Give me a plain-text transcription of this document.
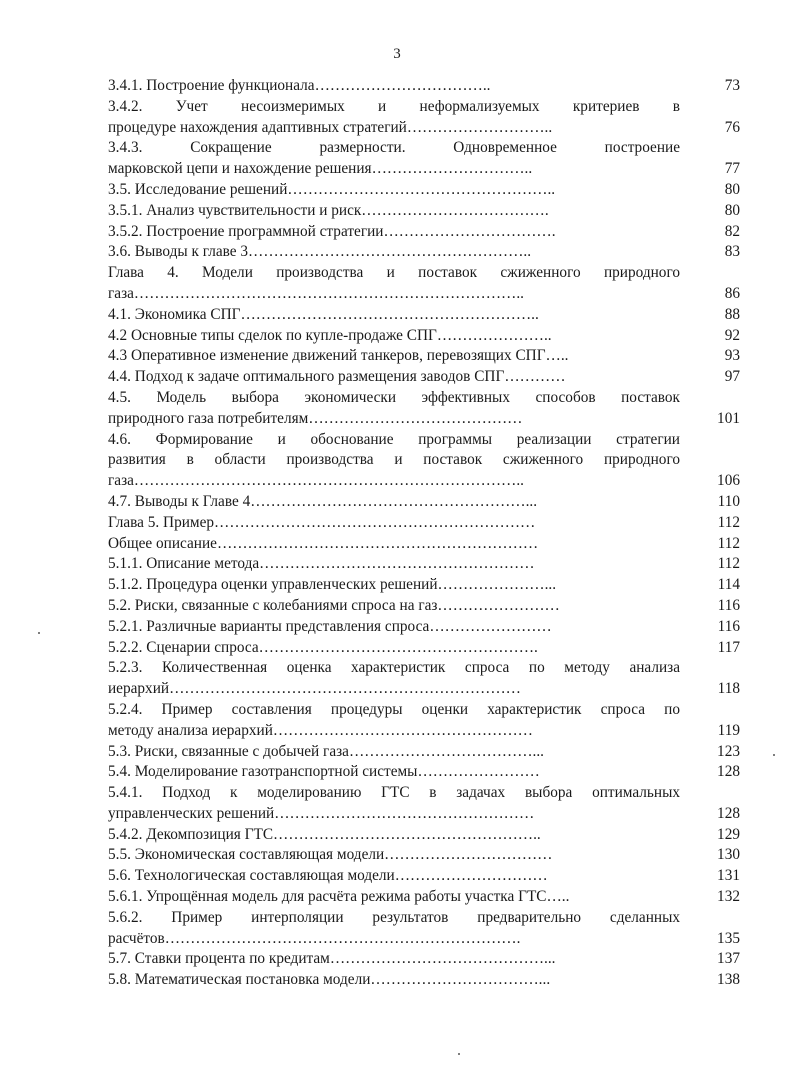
3
3.4.1. Построение функционала……………………………..	73
3.4.2. Учет несоизмеримых и неформализуемых критериев в
процедуре нахождения адаптивных стратегий………………………..	76
3.4.3. Сокращение размерности. Одновременное построение
марковской цепи и нахождение решения…………………………..	77
3.5. Исследование решений……………………………………………..	80
3.5.1. Анализ чувствительности и риск……………………………….	80
3.5.2. Построение программной стратегии…………………………….	82
3.6. Выводы к главе 3………………………………………………..	83
Глава 4. Модели производства и поставок сжиженного природного
газа…………………………………………………………………..	86
4.1. Экономика СПГ…………………………………………………..	88
4.2 Основные типы сделок по купле-продаже СПГ…………………..	92
4.3 Оперативное изменение движений танкеров, перевозящих СПГ…..	93
4.4. Подход к задаче оптимального размещения заводов СПГ…………	97
4.5. Модель выбора экономически эффективных способов поставок
природного газа потребителям……………………………………	101
4.6. Формирование и обоснование программы реализации стратегии
развития в области производства и поставок сжиженного природного
газа…………………………………………………………………..	106
4.7. Выводы к Главе 4………………………………………………...	110
Глава 5. Пример………………………………………………………	112
Общее описание………………………………………………………	112
5.1.1. Описание метода………………………………………………	112
5.1.2. Процедура оценки управленческих решений…………………...	114
5.2. Риски, связанные с колебаниями спроса на газ……………………	116
5.2.1. Различные варианты представления спроса……………………	116
5.2.2. Сценарии спроса……………………………………………….	117
5.2.3. Количественная оценка характеристик спроса по методу анализа
иерархий……………………………………………………………	118
5.2.4. Пример составления процедуры оценки характеристик спроса по
методу анализа иерархий……………………………………………	119
5.3. Риски, связанные с добычей газа………………………………...	123
5.4. Моделирование газотранспортной системы……………………	128
5.4.1. Подход к моделированию ГТС в задачах выбора оптимальных
управленческих решений……………………………………………	128
5.4.2. Декомпозиция ГТС……………………………………………..	129
5.5. Экономическая составляющая модели……………………………	130
5.6. Технологическая составляющая модели…………………………	131
5.6.1. Упрощённая модель для расчёта режима работы участка ГТС…..	132
5.6.2. Пример интерполяции результатов предварительно сделанных
расчётов…………………………………………………………….	135
5.7. Ставки процента по кредитам……………………………………...	137
5.8. Математическая постановка модели……………………………...	138
